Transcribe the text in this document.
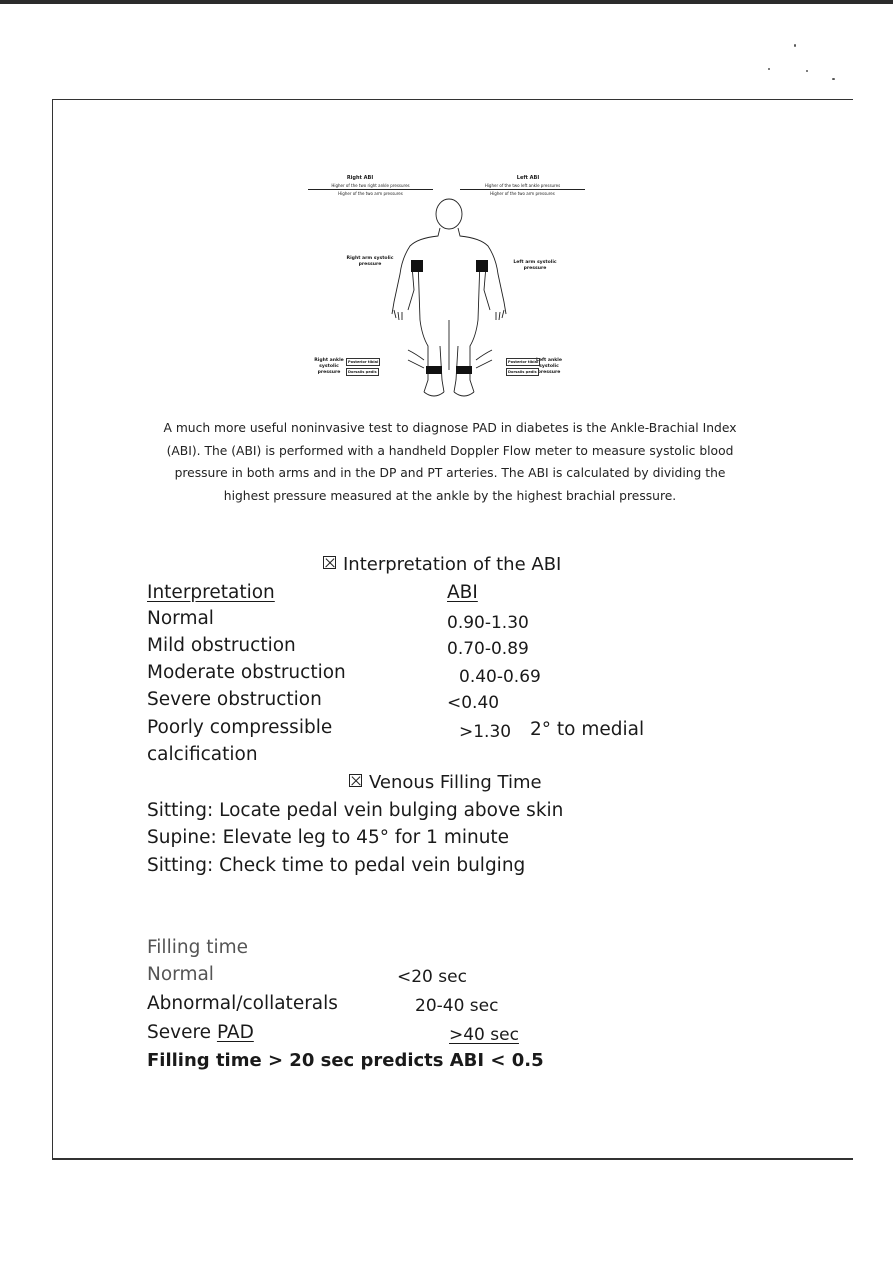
Right ABI
Higher of the two right ankle pressures
Higher of the two arm pressures
Left ABI
Higher of the two left ankle pressures
Higher of the two arm pressures
Right arm systolic pressure	Left arm systolic pressure
Right ankle systolic pressure
Left ankle systolic pressure
Posterior tibial
Dorsalis pedis
Posterior tibial
Dorsalis pedis
A much more useful noninvasive test to diagnose PAD in diabetes is the Ankle-Brachial Index (ABI). The (ABI) is performed with a handheld Doppler Flow meter to measure systolic blood pressure in both arms and in the DP and PT arteries. The ABI is calculated by dividing the highest pressure measured at the ankle by the highest brachial pressure.
Interpretation of the ABI
Interpretation	ABI
Normal	0.90-1.30
Mild obstruction	0.70-0.89
Moderate obstruction	0.40-0.69
Severe obstruction	<0.40
Poorly compressible	>1.30 2° to medial
calcification
Venous Filling Time
Sitting: Locate pedal vein bulging above skin
Supine: Elevate leg to 45° for 1 minute
Sitting: Check time to pedal vein bulging
Filling time
Normal	<20 sec
Abnormal/collaterals	20-40 sec
Severe PAD	>40 sec
Filling time > 20 sec predicts ABI < 0.5
